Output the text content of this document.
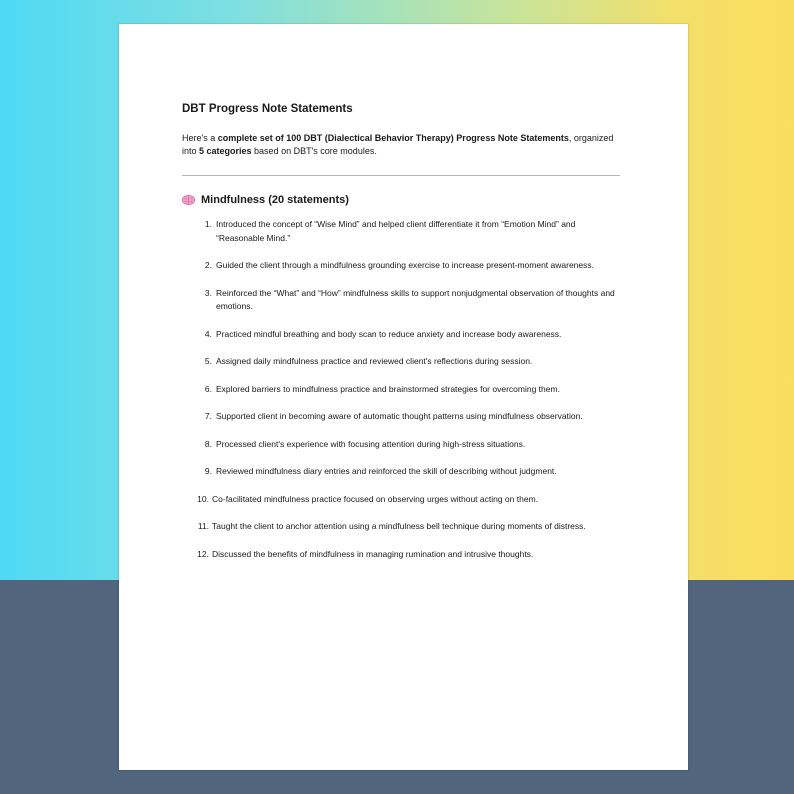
DBT Progress Note Statements

Here's a complete set of 100 DBT (Dialectical Behavior Therapy) Progress Note Statements, organized into 5 categories based on DBT's core modules.

Mindfulness (20 statements)
1. Introduced the concept of “Wise Mind” and helped client differentiate it from “Emotion Mind” and “Reasonable Mind.”
2. Guided the client through a mindfulness grounding exercise to increase present-moment awareness.
3. Reinforced the “What” and “How” mindfulness skills to support nonjudgmental observation of thoughts and emotions.
4. Practiced mindful breathing and body scan to reduce anxiety and increase body awareness.
5. Assigned daily mindfulness practice and reviewed client's reflections during session.
6. Explored barriers to mindfulness practice and brainstormed strategies for overcoming them.
7. Supported client in becoming aware of automatic thought patterns using mindfulness observation.
8. Processed client's experience with focusing attention during high-stress situations.
9. Reviewed mindfulness diary entries and reinforced the skill of describing without judgment.
10. Co-facilitated mindfulness practice focused on observing urges without acting on them.
11. Taught the client to anchor attention using a mindfulness bell technique during moments of distress.
12. Discussed the benefits of mindfulness in managing rumination and intrusive thoughts.
